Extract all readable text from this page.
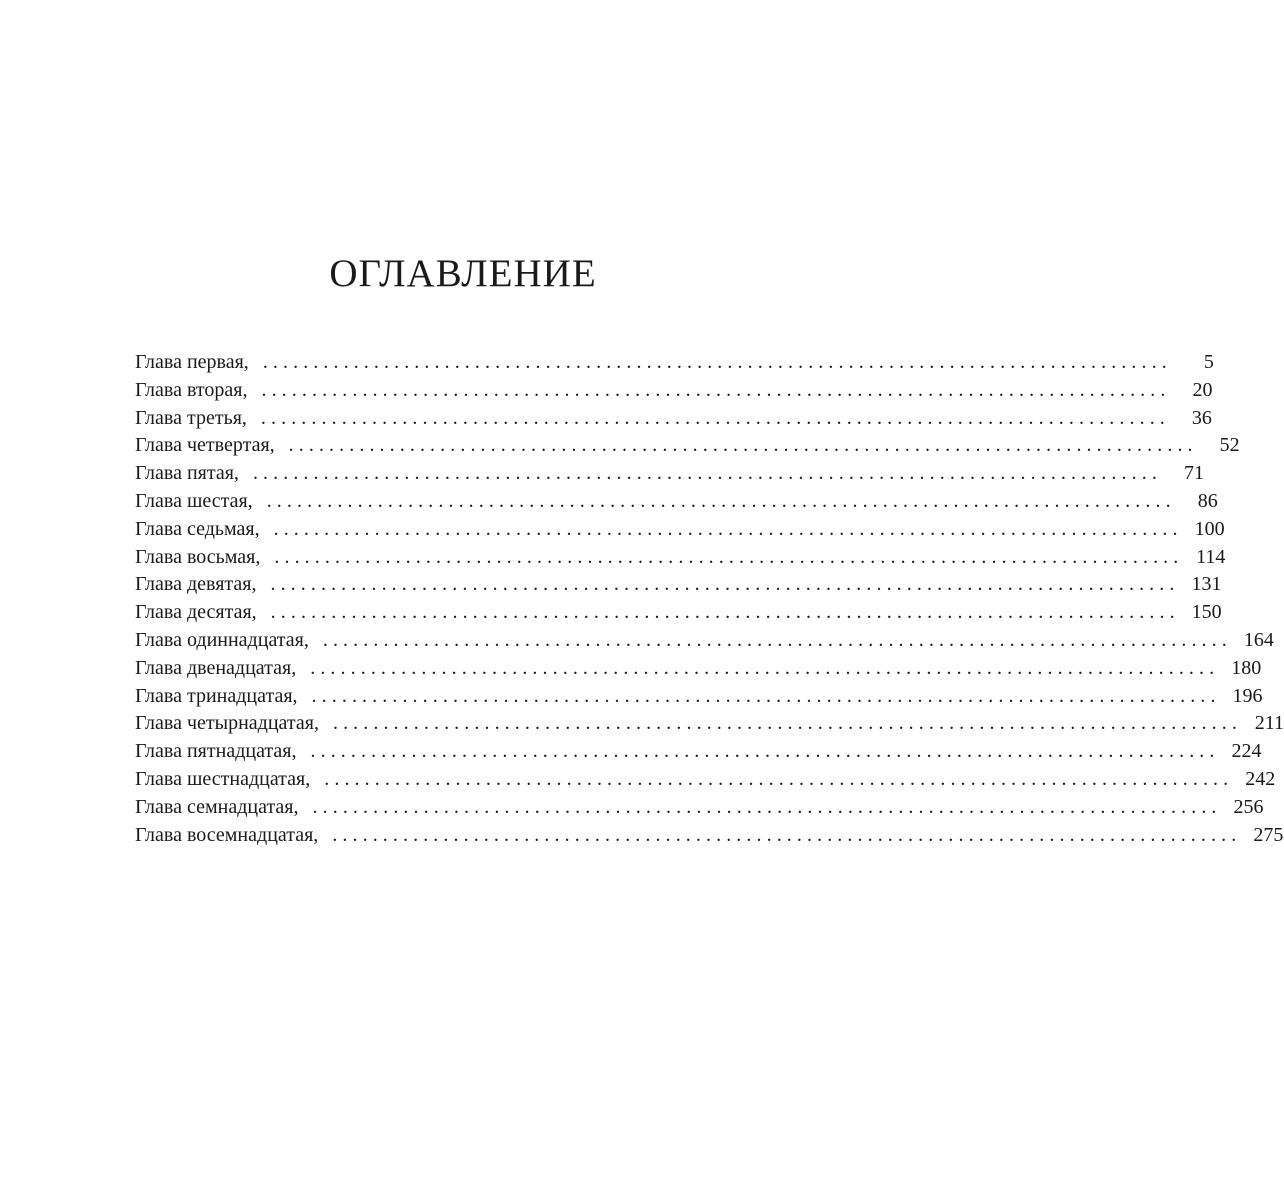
ОГЛАВЛЕНИЕ
Глава первая, ..........................................................................................	5
Глава вторая, ..........................................................................................	20
Глава третья, ..........................................................................................	36
Глава четвертая, ..........................................................................................	52
Глава пятая, ..........................................................................................	71
Глава шестая, ..........................................................................................	86
Глава седьмая, .......................................................................................... 100
Глава восьмая, .......................................................................................... 114
Глава девятая, .......................................................................................... 131
Глава десятая, .......................................................................................... 150
Глава одиннадцатая, .......................................................................................... 164
Глава двенадцатая, .......................................................................................... 180
Глава тринадцатая, .......................................................................................... 196
Глава четырнадцатая, .......................................................................................... 211
Глава пятнадцатая, .......................................................................................... 224
Глава шестнадцатая, .......................................................................................... 242
Глава семнадцатая, .......................................................................................... 256
Глава восемнадцатая, .......................................................................................... 275
